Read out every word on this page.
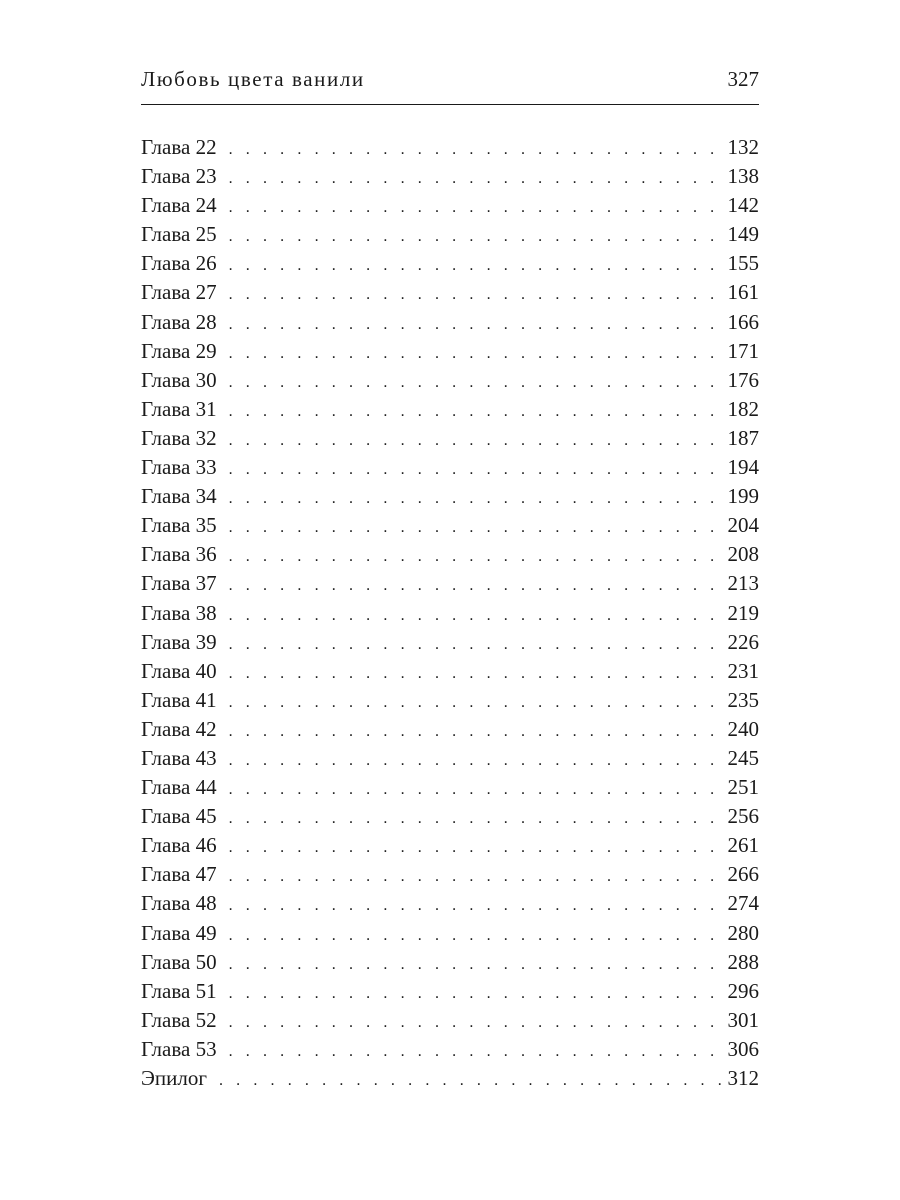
Любовь цвета ванили	327
Глава 22 . . .	132
Глава 23 . . .	138
Глава 24 . . .	142
Глава 25 . . .	149
Глава 26 . . .	155
Глава 27 . . .	161
Глава 28 . . .	166
Глава 29 . . .	171
Глава 30 . . .	176
Глава 31 . . .	182
Глава 32 . . .	187
Глава 33 . . .	194
Глава 34 . . .	199
Глава 35 . . .	204
Глава 36 . . .	208
Глава 37 . . .	213
Глава 38 . . .	219
Глава 39 . . .	226
Глава 40 . . .	231
Глава 41 . . .	235
Глава 42 . . .	240
Глава 43 . . .	245
Глава 44 . . .	251
Глава 45 . . .	256
Глава 46 . . .	261
Глава 47 . . .	266
Глава 48 . . .	274
Глава 49 . . .	280
Глава 50 . . .	288
Глава 51 . . .	296
Глава 52 . . .	301
Глава 53 . . .	306
Эпилог . . .	312
